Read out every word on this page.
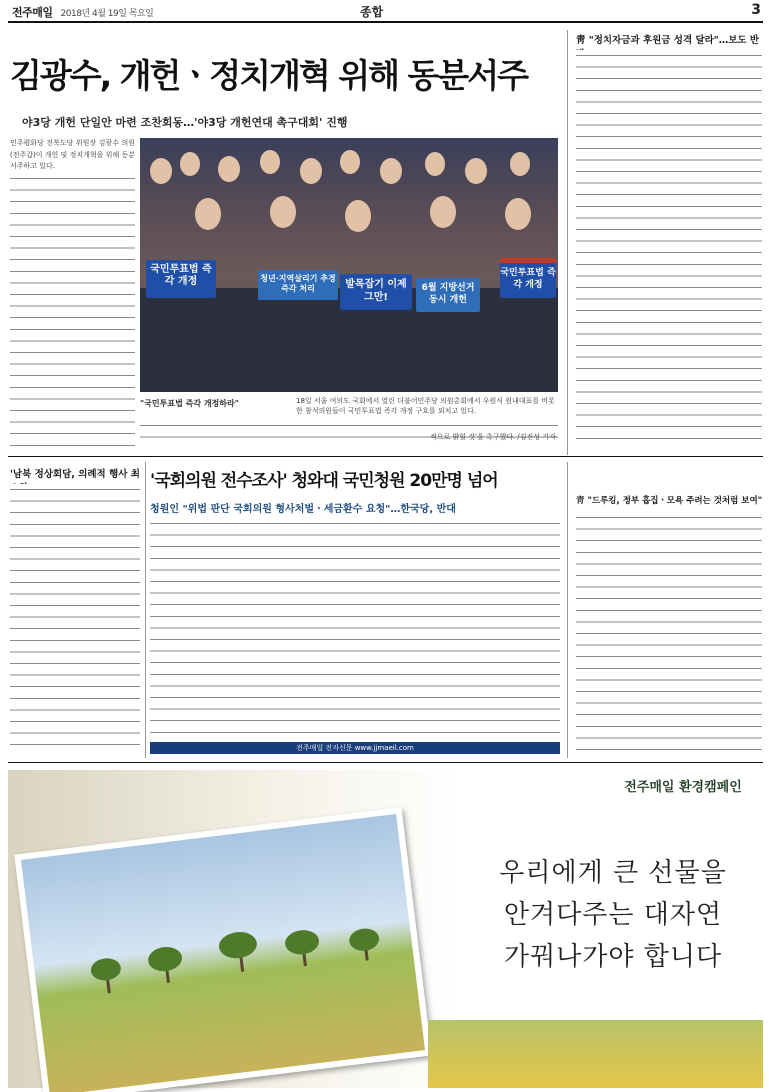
전주매일 2018년 4월 19일 목요일	종합	3
김광수, 개헌ㆍ정치개혁 위해 동분서주
야3당 개헌 단일안 마련 조찬회동…'야3당 개헌연대 촉구대회' 진행
민주평화당 전북도당 위원장 김광수 의원(전주갑)이 개헌 및 정치개혁을 위해 동분서주하고 있다.
국민투표법 즉각 개정	청년·지역살리기 추경 즉각 처리	발목잡기 이제 그만!
6월 지방선거 동시 개헌
국민투표법 즉각 개정
"국민투표법 즉각 개정하라"	18일 서울 여의도 국회에서 열린 더불어민주당 의원총회에서 우원식 원내대표를 비롯한 참석의원들이 국민투표법 즉각 개정 구호를 외치고 있다.
적으로 밝힐 것'을 촉구했다. /김진성 기자
靑 "정치자금과 후원금 성격 달라"…보도 반
'남북 정상회담, 의례적 행사 최 '국회의원 전수조사' 청와대 국민청원 20만명 넘어
청원인 "위법 판단 국회의원 형사처벌ㆍ세금환수 요청"…한국당, 반대
전주매일 전자신문 www.jjmaeil.com
靑 "드루킹, 정부 흡집ㆍ모욕 주려는 것처럼 보여"
전주매일 환경캠페인
우리에게 큰 선물을
안겨다주는 대자연
가꿔나가야 합니다
